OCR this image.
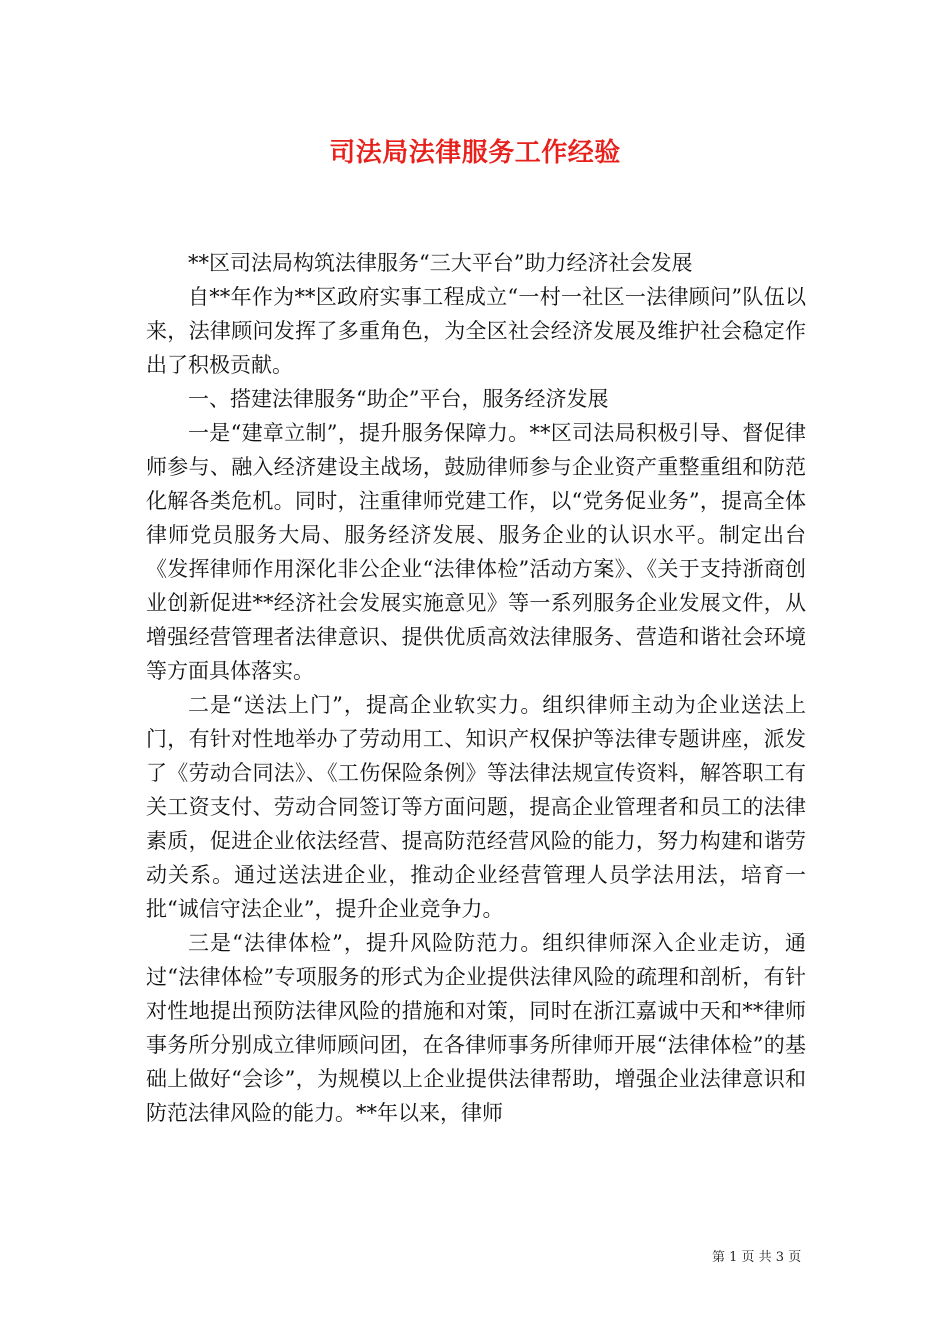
司法局法律服务工作经验

**区司法局构筑法律服务“三大平台”助力经济社会发展

自**年作为**区政府实事工程成立“一村一社区一法律顾问”队伍以来，法律顾问发挥了多重角色，为全区社会经济发展及维护社会稳定作出了积极贡献。

一、搭建法律服务“助企”平台，服务经济发展

一是“建章立制”，提升服务保障力。**区司法局积极引导、督促律师参与、融入经济建设主战场，鼓励律师参与企业资产重整重组和防范化解各类危机。同时，注重律师党建工作，以“党务促业务”，提高全体律师党员服务大局、服务经济发展、服务企业的认识水平。制定出台《发挥律师作用深化非公企业“法律体检”活动方案》、《关于支持浙商创业创新促进**经济社会发展实施意见》等一系列服务企业发展文件，从增强经营管理者法律意识、提供优质高效法律服务、营造和谐社会环境等方面具体落实。

二是“送法上门”，提高企业软实力。组织律师主动为企业送法上门，有针对性地举办了劳动用工、知识产权保护等法律专题讲座，派发了《劳动合同法》、《工伤保险条例》等法律法规宣传资料，解答职工有关工资支付、劳动合同签订等方面问题，提高企业管理者和员工的法律素质，促进企业依法经营、提高防范经营风险的能力，努力构建和谐劳动关系。通过送法进企业，推动企业经营管理人员学法用法，培育一批“诚信守法企业”，提升企业竞争力。

三是“法律体检”，提升风险防范力。组织律师深入企业走访，通过“法律体检”专项服务的形式为企业提供法律风险的疏理和剖析，有针对性地提出预防法律风险的措施和对策，同时在浙江嘉诚中天和**律师事务所分别成立律师顾问团，在各律师事务所律师开展“法律体检”的基础上做好“会诊”，为规模以上企业提供法律帮助，增强企业法律意识和防范法律风险的能力。**年以来，律师

第 1 页 共 3 页
